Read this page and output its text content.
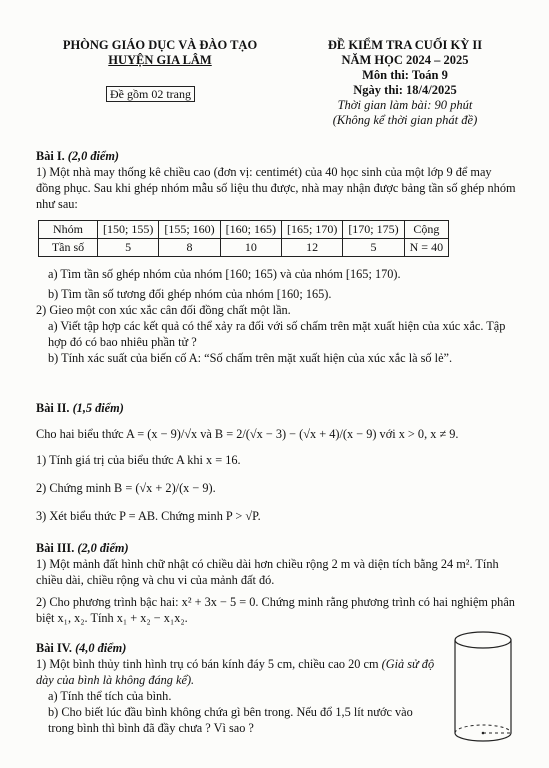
PHÒNG GIÁO DỤC VÀ ĐÀO TẠO
HUYỆN GIA LÂM
Đề gồm 02 trang
ĐỀ KIỂM TRA CUỐI KỲ II
NĂM HỌC 2024 – 2025
Môn thi: Toán 9
Ngày thi: 18/4/2025
Thời gian làm bài: 90 phút
(Không kể thời gian phát đề)
Bài I. (2,0 điểm)
1) Một nhà may thống kê chiều cao (đơn vị: centimét) của 40 học sinh của một lớp 9 để may đồng phục. Sau khi ghép nhóm mẫu số liệu thu được, nhà may nhận được bảng tần số ghép nhóm như sau:
Nhóm	[150; 155)	[155; 160)	[160; 165)	[165; 170)	[170; 175)	Cộng
Tần số	5	8	10	12	5	N = 40
a) Tìm tần số ghép nhóm của nhóm [160; 165) và của nhóm [165; 170).
b) Tìm tần số tương đối ghép nhóm của nhóm [160; 165).
2) Gieo một con xúc xắc cân đối đồng chất một lần.
a) Viết tập hợp các kết quả có thể xảy ra đối với số chấm trên mặt xuất hiện của xúc xắc. Tập hợp đó có bao nhiêu phần tử ?
b) Tính xác suất của biến cố A: “Số chấm trên mặt xuất hiện của xúc xắc là số lẻ”.
Bài II. (1,5 điểm)
Cho hai biểu thức A = (x − 9)/√x và B = 2/(√x − 3) − (√x + 4)/(x − 9) với x > 0, x ≠ 9.
1) Tính giá trị của biểu thức A khi x = 16.
2) Chứng minh B = (√x + 2)/(x − 9).
3) Xét biểu thức P = AB. Chứng minh P > √P.
Bài III. (2,0 điểm)
1) Một mảnh đất hình chữ nhật có chiều dài hơn chiều rộng 2 m và diện tích bằng 24 m². Tính chiều dài, chiều rộng và chu vi của mảnh đất đó.
2) Cho phương trình bậc hai: x² + 3x − 5 = 0. Chứng minh rằng phương trình có hai nghiệm phân biệt x₁, x₂. Tính x₁ + x₂ − x₁x₂.
Bài IV. (4,0 điểm)
1) Một bình thủy tinh hình trụ có bán kính đáy 5 cm, chiều cao 20 cm (Giả sử độ dày của bình là không đáng kể).
a) Tính thể tích của bình.
b) Cho biết lúc đầu bình không chứa gì bên trong. Nếu đổ 1,5 lít nước vào trong bình thì bình đã đầy chưa ? Vì sao ?
